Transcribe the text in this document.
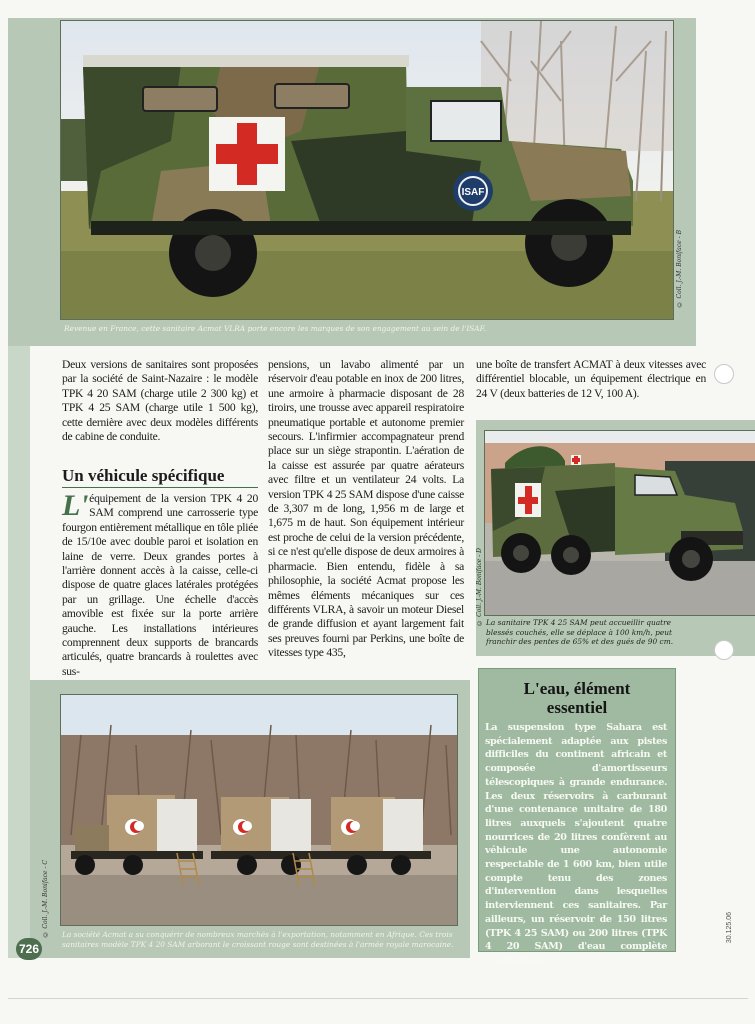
ISAF
© Coll. J.-M. Boniface - B
Revenue en France, cette sanitaire Acmat VLRA porte encore les marques de son engagement au sein de l'ISAF.

Deux versions de sanitaires sont proposées par la société de Saint-Nazaire : le modèle TPK 4 20 SAM (charge utile 2 300 kg) et TPK 4 25 SAM (charge utile 1 500 kg), cette dernière avec deux modèles différents de cabine de conduite.

Un véhicule spécifique
L' équipement de la version TPK 4 20 SAM comprend une carrosserie type fourgon entièrement métallique en tôle pliée de 15/10e avec double paroi et isolation en laine de verre. Deux grandes portes à l'arrière donnent accès à la caisse, celle-ci dispose de quatre glaces latérales protégées par un grillage. Une échelle d'accès amovible est fixée sur la porte arrière gauche. Les installations intérieures comprennent deux supports de brancards articulés, quatre brancards à roulettes avec sus-

pensions, un lavabo alimenté par un réservoir d'eau potable en inox de 200 litres, une armoire à pharmacie disposant de 28 tiroirs, une trousse avec appareil respiratoire pneumatique portable et autonome premier secours. L'infirmier accompagnateur prend place sur un siège strapontin. L'aération de la caisse est assurée par quatre aérateurs avec filtre et un ventilateur 24 volts. La version TPK 4 25 SAM dispose d'une caisse de 3,307 m de long, 1,956 m de large et 1,675 m de haut. Son équipement intérieur est proche de celui de la version précédente, si ce n'est qu'elle dispose de deux armoires à pharmacie. Bien entendu, fidèle à sa philosophie, la société Acmat propose les mêmes éléments mécaniques sur ces différents VLRA, à savoir un moteur Diesel de grande diffusion et ayant largement fait ses preuves fourni par Perkins, une boîte de vitesses type 435,

une boîte de transfert ACMAT à deux vitesses avec différentiel blocable, un équipement électrique en 24 V (deux batteries de 12 V, 100 A).

© Coll. J.-M. Boniface - D La sanitaire TPK 4 25 SAM peut accueillir quatre blessés couchés, elle se déplace à 100 km/h, peut franchir des pentes de 65% et des gués de 90 cm.
© Coll. J.-M. Boniface - C La société Acmat a su conquérir de nombreux marchés à l'exportation, notamment en Afrique. Ces trois sanitaires modèle TPK 4 20 SAM arborant le croissant rouge sont destinées à l'armée royale marocaine.
L'eau, élément essentiel
La suspension type Sahara est spécialement adaptée aux pistes difficiles du continent africain et composée d'amortisseurs télescopiques à grande endurance. Les deux réservoirs à carburant d'une contenance unitaire de 180 litres auxquels s'ajoutent quatre nourrices de 20 litres confèrent au véhicule une autonomie respectable de 1 600 km, bien utile compte tenu des zones d'intervention dans lesquelles interviennent ces sanitaires. Par ailleurs, un réservoir de 150 litres (TPK 4 25 SAM) ou 200 litres (TPK 4 20 SAM) d'eau complète l'équipement.
726
30.125.06
